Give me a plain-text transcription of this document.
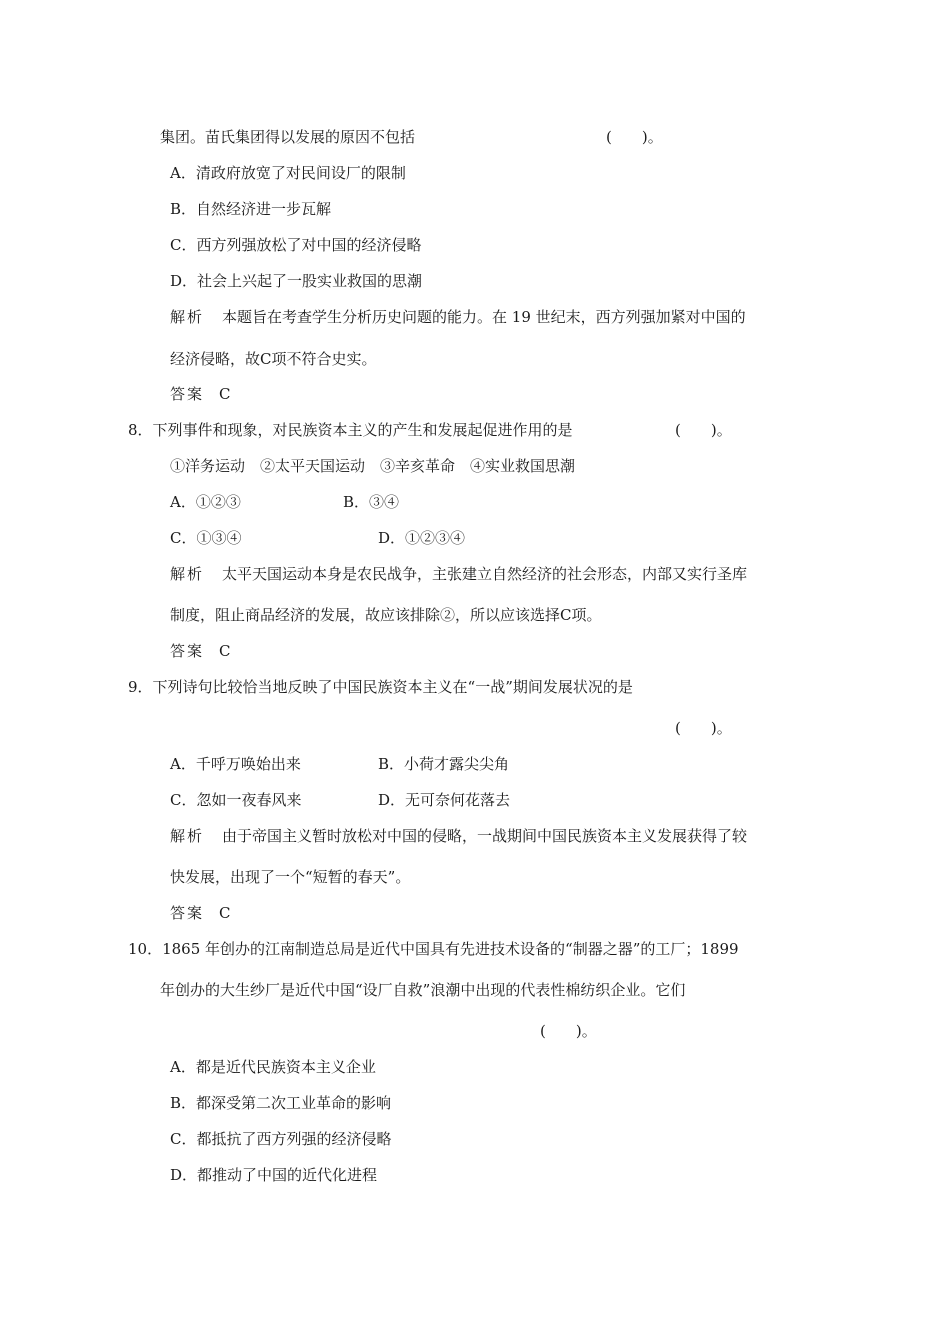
集团。苗氏集团得以发展的原因不包括	(　　)。
A．清政府放宽了对民间设厂的限制
B．自然经济进一步瓦解
C．西方列强放松了对中国的经济侵略
D．社会上兴起了一股实业救国的思潮
解析 本题旨在考查学生分析历史问题的能力。在 19 世纪末，西方列强加紧对中国的
经济侵略，故C项不符合史实。
答案 C
8．下列事件和现象，对民族资本主义的产生和发展起促进作用的是	(　　)。
①洋务运动　②太平天国运动　③辛亥革命　④实业救国思潮
A．①②③	B．③④
C．①③④	D．①②③④
解析 太平天国运动本身是农民战争，主张建立自然经济的社会形态，内部又实行圣库
制度，阻止商品经济的发展，故应该排除②，所以应该选择C项。
答案 C
9．下列诗句比较恰当地反映了中国民族资本主义在“一战”期间发展状况的是
(　　)。
A．千呼万唤始出来	B．小荷才露尖尖角
C．忽如一夜春风来	D．无可奈何花落去
解析 由于帝国主义暂时放松对中国的侵略，一战期间中国民族资本主义发展获得了较
快发展，出现了一个“短暂的春天”。
答案 C
10．1865 年创办的江南制造总局是近代中国具有先进技术设备的“制器之器”的工厂；1899
年创办的大生纱厂是近代中国“设厂自救”浪潮中出现的代表性棉纺织企业。它们
(　　)。
A．都是近代民族资本主义企业
B．都深受第二次工业革命的影响
C．都抵抗了西方列强的经济侵略
D．都推动了中国的近代化进程
